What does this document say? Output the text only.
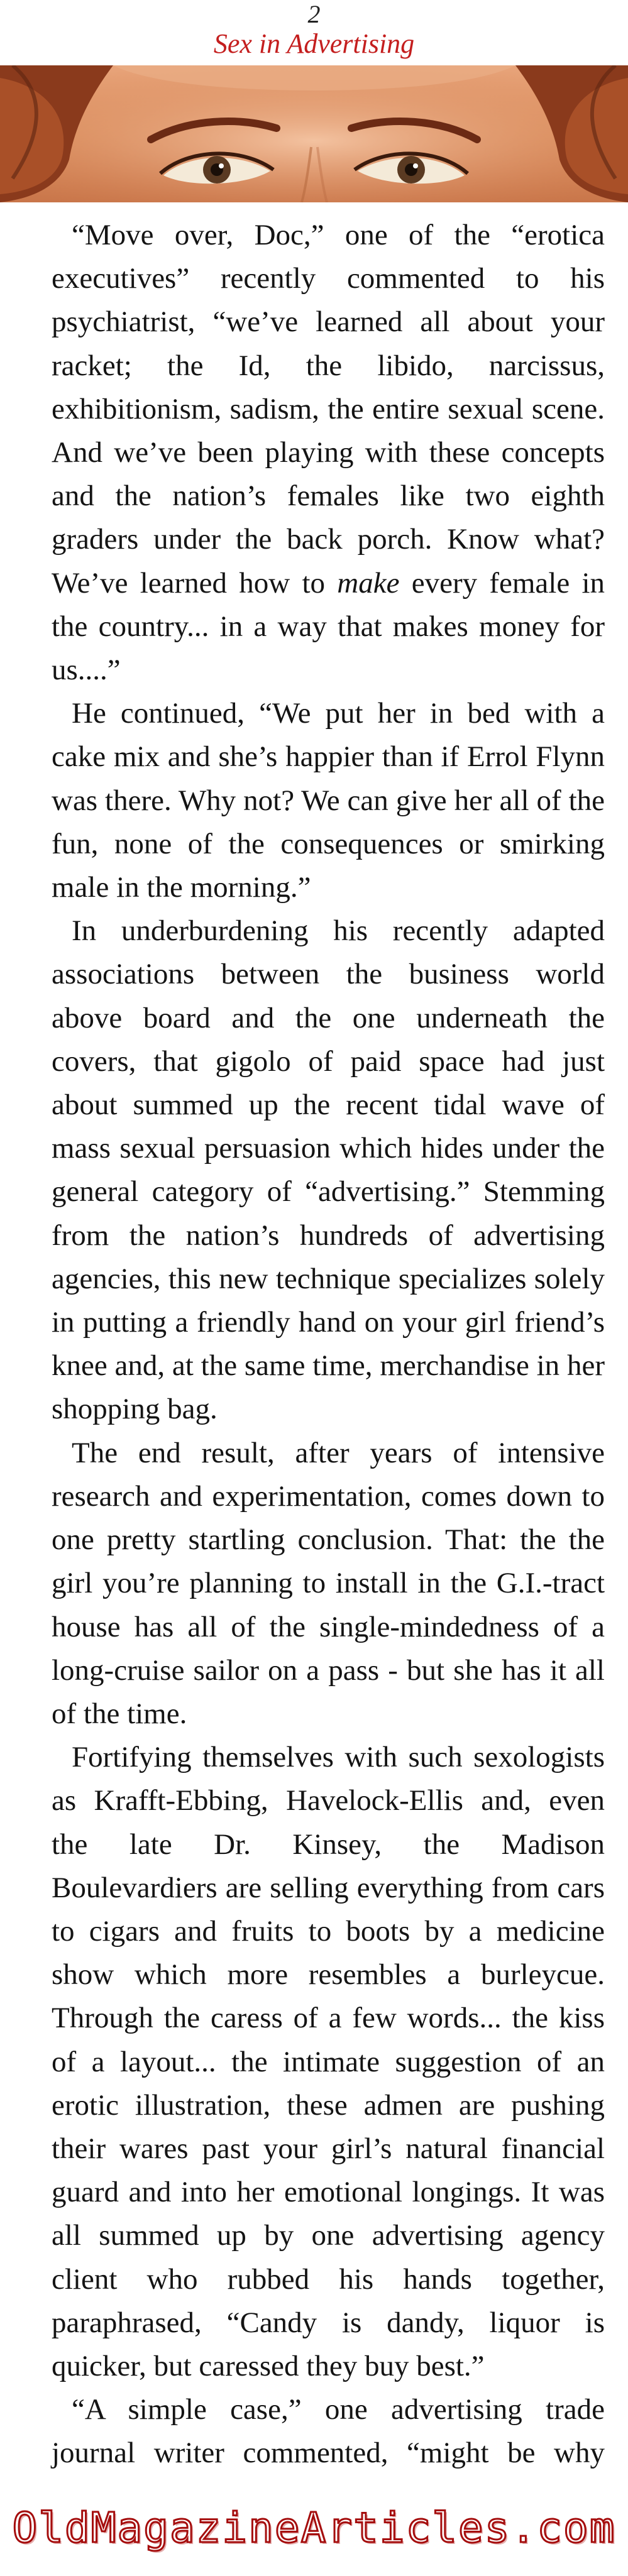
2
Sex in Advertising

“Move over, Doc,” one of the “erotica executives” recently commented to his psychiatrist, “we’ve learned all about your racket; the Id, the libido, narcissus, exhibitionism, sadism, the entire sexual scene. And we’ve been playing with these concepts and the nation’s females like two eighth graders under the back porch. Know what? We’ve learned how to make every female in the country... in a way that makes money for us....”

He continued, “We put her in bed with a cake mix and she’s happier than if Errol Flynn was there. Why not? We can give her all of the fun, none of the consequences or smirking male in the morning.”

In underburdening his recently adapted associations between the business world above board and the one underneath the covers, that gigolo of paid space had just about summed up the recent tidal wave of mass sexual persuasion which hides under the general category of “advertising.” Stemming from the nation’s hundreds of advertising agencies, this new technique specializes solely in putting a friendly hand on your girl friend’s knee and, at the same time, merchandise in her shopping bag.

The end result, after years of intensive research and experimentation, comes down to one pretty startling conclusion. That: the the girl you’re planning to install in the G.I.-tract house has all of the single-mindedness of a long-cruise sailor on a pass - but she has it all of the time.

Fortifying themselves with such sexologists as Krafft-Ebbing, Havelock-Ellis and, even the late Dr. Kinsey, the Madison Boulevardiers are selling everything from cars to cigars and fruits to boots by a medicine show which more resembles a burleycue. Through the caress of a few words... the kiss of a layout... the intimate suggestion of an erotic illustration, these admen are pushing their wares past your girl’s natural financial guard and into her emotional longings. It was all summed up by one advertising agency client who rubbed his hands together, paraphrased, “Candy is dandy, liquor is quicker, but caressed they buy best.”

“A simple case,” one advertising trade journal writer commented, “might be why

OldMagazineArticles.com
